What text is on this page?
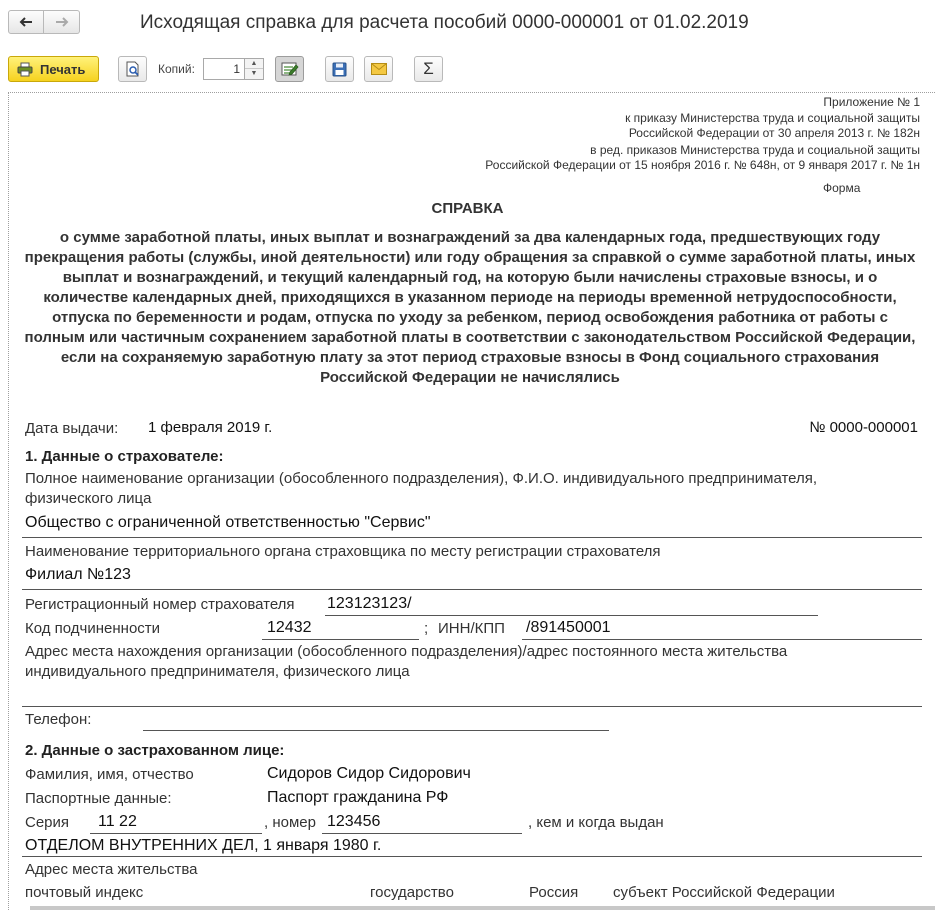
Исходящая справка для расчета пособий 0000-000001 от 01.02.2019
Печать	Копий:	1	▲
▼	Σ
Приложение № 1
к приказу Министерства труда и социальной защиты
Российской Федерации от 30 апреля 2013 г. № 182н
в ред. приказов Министерства труда и социальной защиты
Российской Федерации от 15 ноября 2016 г. № 648н, от 9 января 2017 г. № 1н
Форма
СПРАВКА
о сумме заработной платы, иных выплат и вознаграждений за два календарных года, предшествующих году прекращения работы (службы, иной деятельности) или году обращения за справкой о сумме заработной платы, иных выплат и вознаграждений, и текущий календарный год, на которую были начислены страховые взносы, и о количестве календарных дней, приходящихся в указанном периоде на периоды временной нетрудоспособности, отпуска по беременности и родам, отпуска по уходу за ребенком, период освобождения работника от работы с полным или частичным сохранением заработной платы в соответствии с законодательством Российской Федерации, если на сохраняемую заработную плату за этот период страховые взносы в Фонд социального страхования Российской Федерации не начислялись
Дата выдачи: 1 февраля 2019 г.	№ 0000-000001
1. Данные о страхователе:
Полное наименование организации (обособленного подразделения), Ф.И.О. индивидуального предпринимателя,
физического лица
Общество с ограниченной ответственностью "Сервис"
Наименование территориального органа страховщика по месту регистрации страхователя
Филиал №123
Регистрационный номер страхователя 123123123/
Код подчиненности	12432	; ИНН/КПП /891450001
Адрес места нахождения организации (обособленного подразделения)/адрес постоянного места жительства
индивидуального предпринимателя, физического лица
Телефон:
2. Данные о застрахованном лице:
Фамилия, имя, отчество	Сидоров Сидор Сидорович
Паспортные данные:	Паспорт гражданина РФ
Серия 11 22	, номер 123456	, кем и когда выдан
ОТДЕЛОМ ВНУТРЕННИХ ДЕЛ, 1 января 1980 г.
Адрес места жительства
почтовый индекс	государство	Россия субъект Российской Федерации
